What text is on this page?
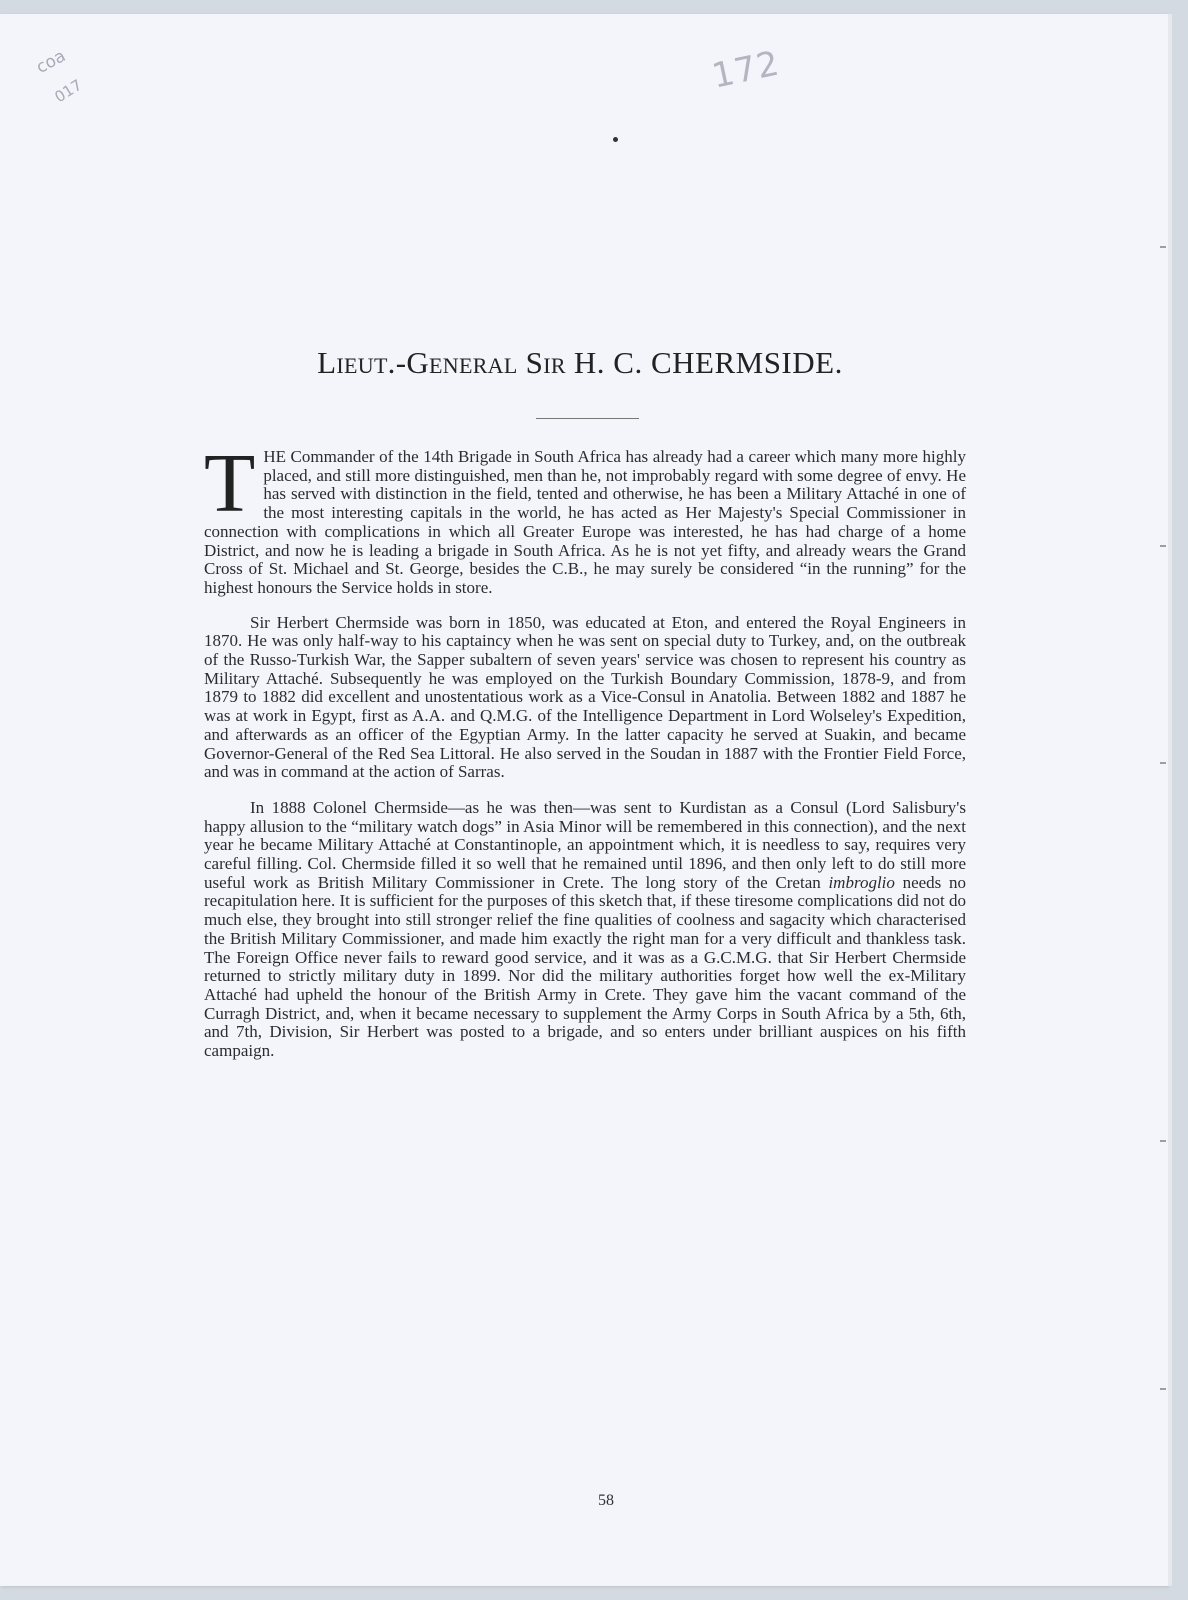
coa
017	172
Lieut.-General Sir H. C. CHERMSIDE.

THE Commander of the 14th Brigade in South Africa has already had a career which many more highly placed, and still more distinguished, men than he, not improbably regard with some degree of envy. He has served with distinction in the field, tented and otherwise, he has been a Military Attaché in one of the most interesting capitals in the world, he has acted as Her Majesty's Special Commissioner in connection with complications in which all Greater Europe was interested, he has had charge of a home District, and now he is leading a brigade in South Africa. As he is not yet fifty, and already wears the Grand Cross of St. Michael and St. George, besides the C.B., he may surely be considered “in the running” for the highest honours the Service holds in store.

Sir Herbert Chermside was born in 1850, was educated at Eton, and entered the Royal Engineers in 1870. He was only half-way to his captaincy when he was sent on special duty to Turkey, and, on the outbreak of the Russo-Turkish War, the Sapper subaltern of seven years' service was chosen to represent his country as Military Attaché. Subsequently he was employed on the Turkish Boundary Commission, 1878-9, and from 1879 to 1882 did excellent and unostentatious work as a Vice-Consul in Anatolia. Between 1882 and 1887 he was at work in Egypt, first as A.A. and Q.M.G. of the Intelligence Department in Lord Wolseley's Expedition, and afterwards as an officer of the Egyptian Army. In the latter capacity he served at Suakin, and became Governor-General of the Red Sea Littoral. He also served in the Soudan in 1887 with the Frontier Field Force, and was in command at the action of Sarras.

In 1888 Colonel Chermside—as he was then—was sent to Kurdistan as a Consul (Lord Salisbury's happy allusion to the “military watch dogs” in Asia Minor will be remembered in this connection), and the next year he became Military Attaché at Constantinople, an appointment which, it is needless to say, requires very careful filling. Col. Chermside filled it so well that he remained until 1896, and then only left to do still more useful work as British Military Commissioner in Crete. The long story of the Cretan imbroglio needs no recapitulation here. It is sufficient for the purposes of this sketch that, if these tiresome complications did not do much else, they brought into still stronger relief the fine qualities of coolness and sagacity which characterised the British Military Commissioner, and made him exactly the right man for a very difficult and thankless task. The Foreign Office never fails to reward good service, and it was as a G.C.M.G. that Sir Herbert Chermside returned to strictly military duty in 1899. Nor did the military authorities forget how well the ex-Military Attaché had upheld the honour of the British Army in Crete. They gave him the vacant command of the Curragh District, and, when it became necessary to supplement the Army Corps in South Africa by a 5th, 6th, and 7th, Division, Sir Herbert was posted to a brigade, and so enters under brilliant auspices on his fifth campaign.

58
